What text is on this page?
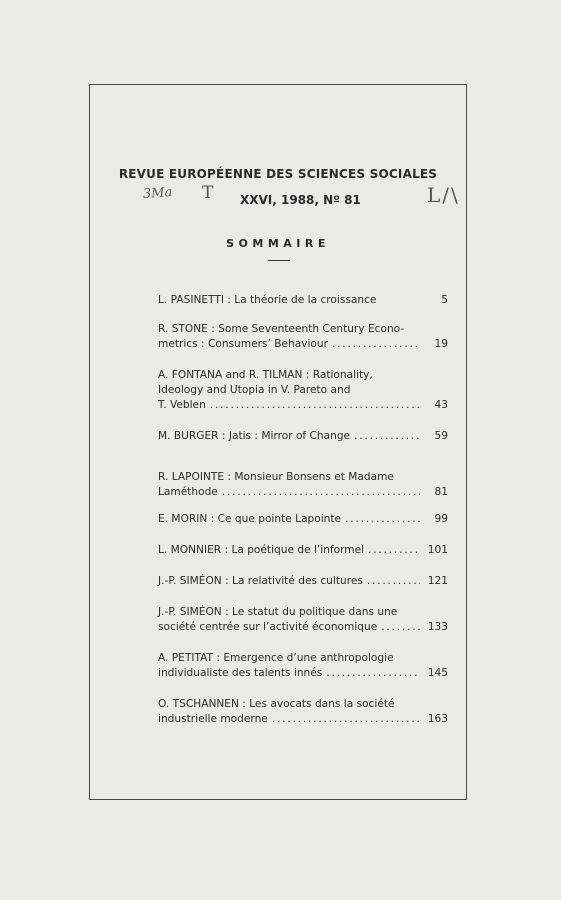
REVUE EUROPÉENNE DES SCIENCES SOCIALES
3Ma T XXVI, 1988, Nº 81	L/\
SOMMAIRE
L. PASINETTI : La théorie de la croissance	5
R. STONE : Some Seventeenth Century Econo-
metrics : Consumers’ Behaviour .....	19
A. FONTANA and R. TILMAN : Rationality,
Ideology and Utopia in V. Pareto and
T. Veblen .....	43
M. BURGER : Jatis : Mirror of Change .....	59
R. LAPOINTE : Monsieur Bonsens et Madame
Laméthode .....	81
E. MORIN : Ce que pointe Lapointe .....	99
L. MONNIER : La poétique de l’informel .....	101
J.-P. SIMÉON : La relativité des cultures .....	121
J.-P. SIMÉON : Le statut du politique dans une
société centrée sur l’activité économique .....	133
A. PETITAT : Emergence d’une anthropologie
individualiste des talents innés .....	145
O. TSCHANNEN : Les avocats dans la société
industrielle moderne .....	163
